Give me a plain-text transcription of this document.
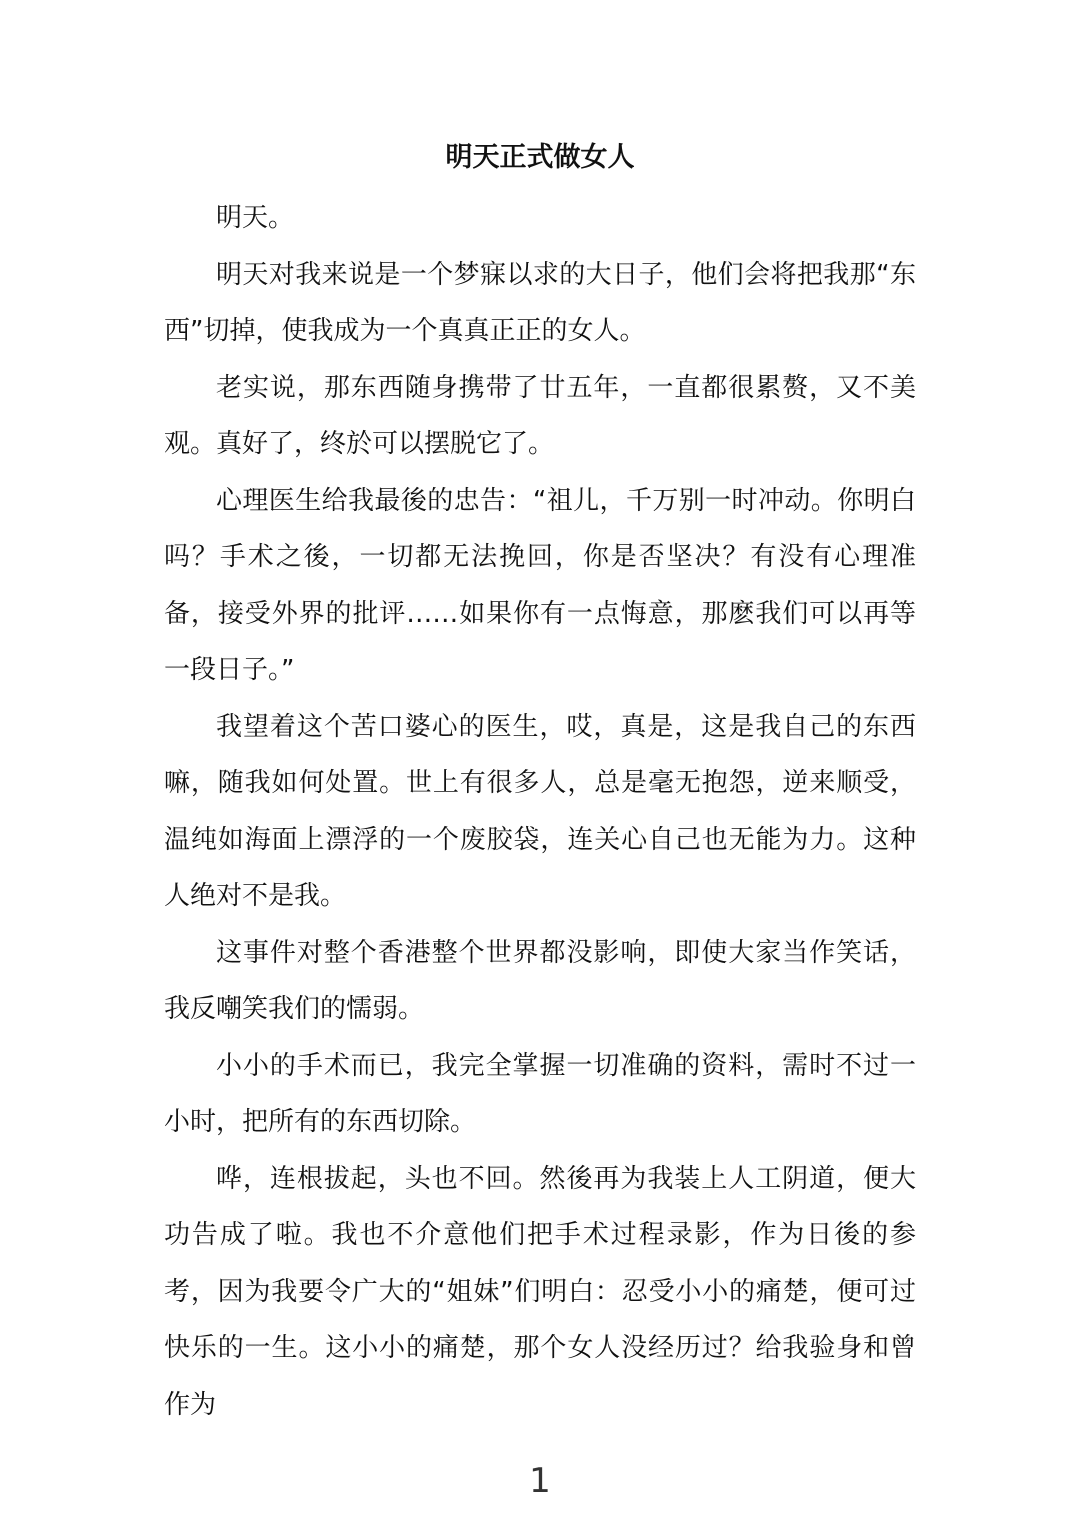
明天正式做女人

明天。

明天对我来说是一个梦寐以求的大日子，他们会将把我那“东西”切掉，使我成为一个真真正正的女人。

老实说，那东西随身携带了廿五年，一直都很累赘，又不美观。真好了，终於可以摆脱它了。

心理医生给我最後的忠告：“祖儿，千万别一时冲动。你明白吗？手术之後，一切都无法挽回，你是否坚决？有没有心理准备，接受外界的批评……如果你有一点悔意，那麽我们可以再等一段日子。”

我望着这个苦口婆心的医生，哎，真是，这是我自己的东西嘛，随我如何处置。世上有很多人，总是毫无抱怨，逆来顺受，温纯如海面上漂浮的一个废胶袋，连关心自己也无能为力。这种人绝对不是我。

这事件对整个香港整个世界都没影响，即使大家当作笑话，我反嘲笑我们的懦弱。

小小的手术而已，我完全掌握一切准确的资料，需时不过一小时，把所有的东西切除。

哗，连根拔起，头也不回。然後再为我装上人工阴道，便大功告成了啦。我也不介意他们把手术过程录影，作为日後的参考，因为我要令广大的“姐妹”们明白：忍受小小的痛楚，便可过快乐的一生。这小小的痛楚，那个女人没经历过？给我验身和曾作为

1
